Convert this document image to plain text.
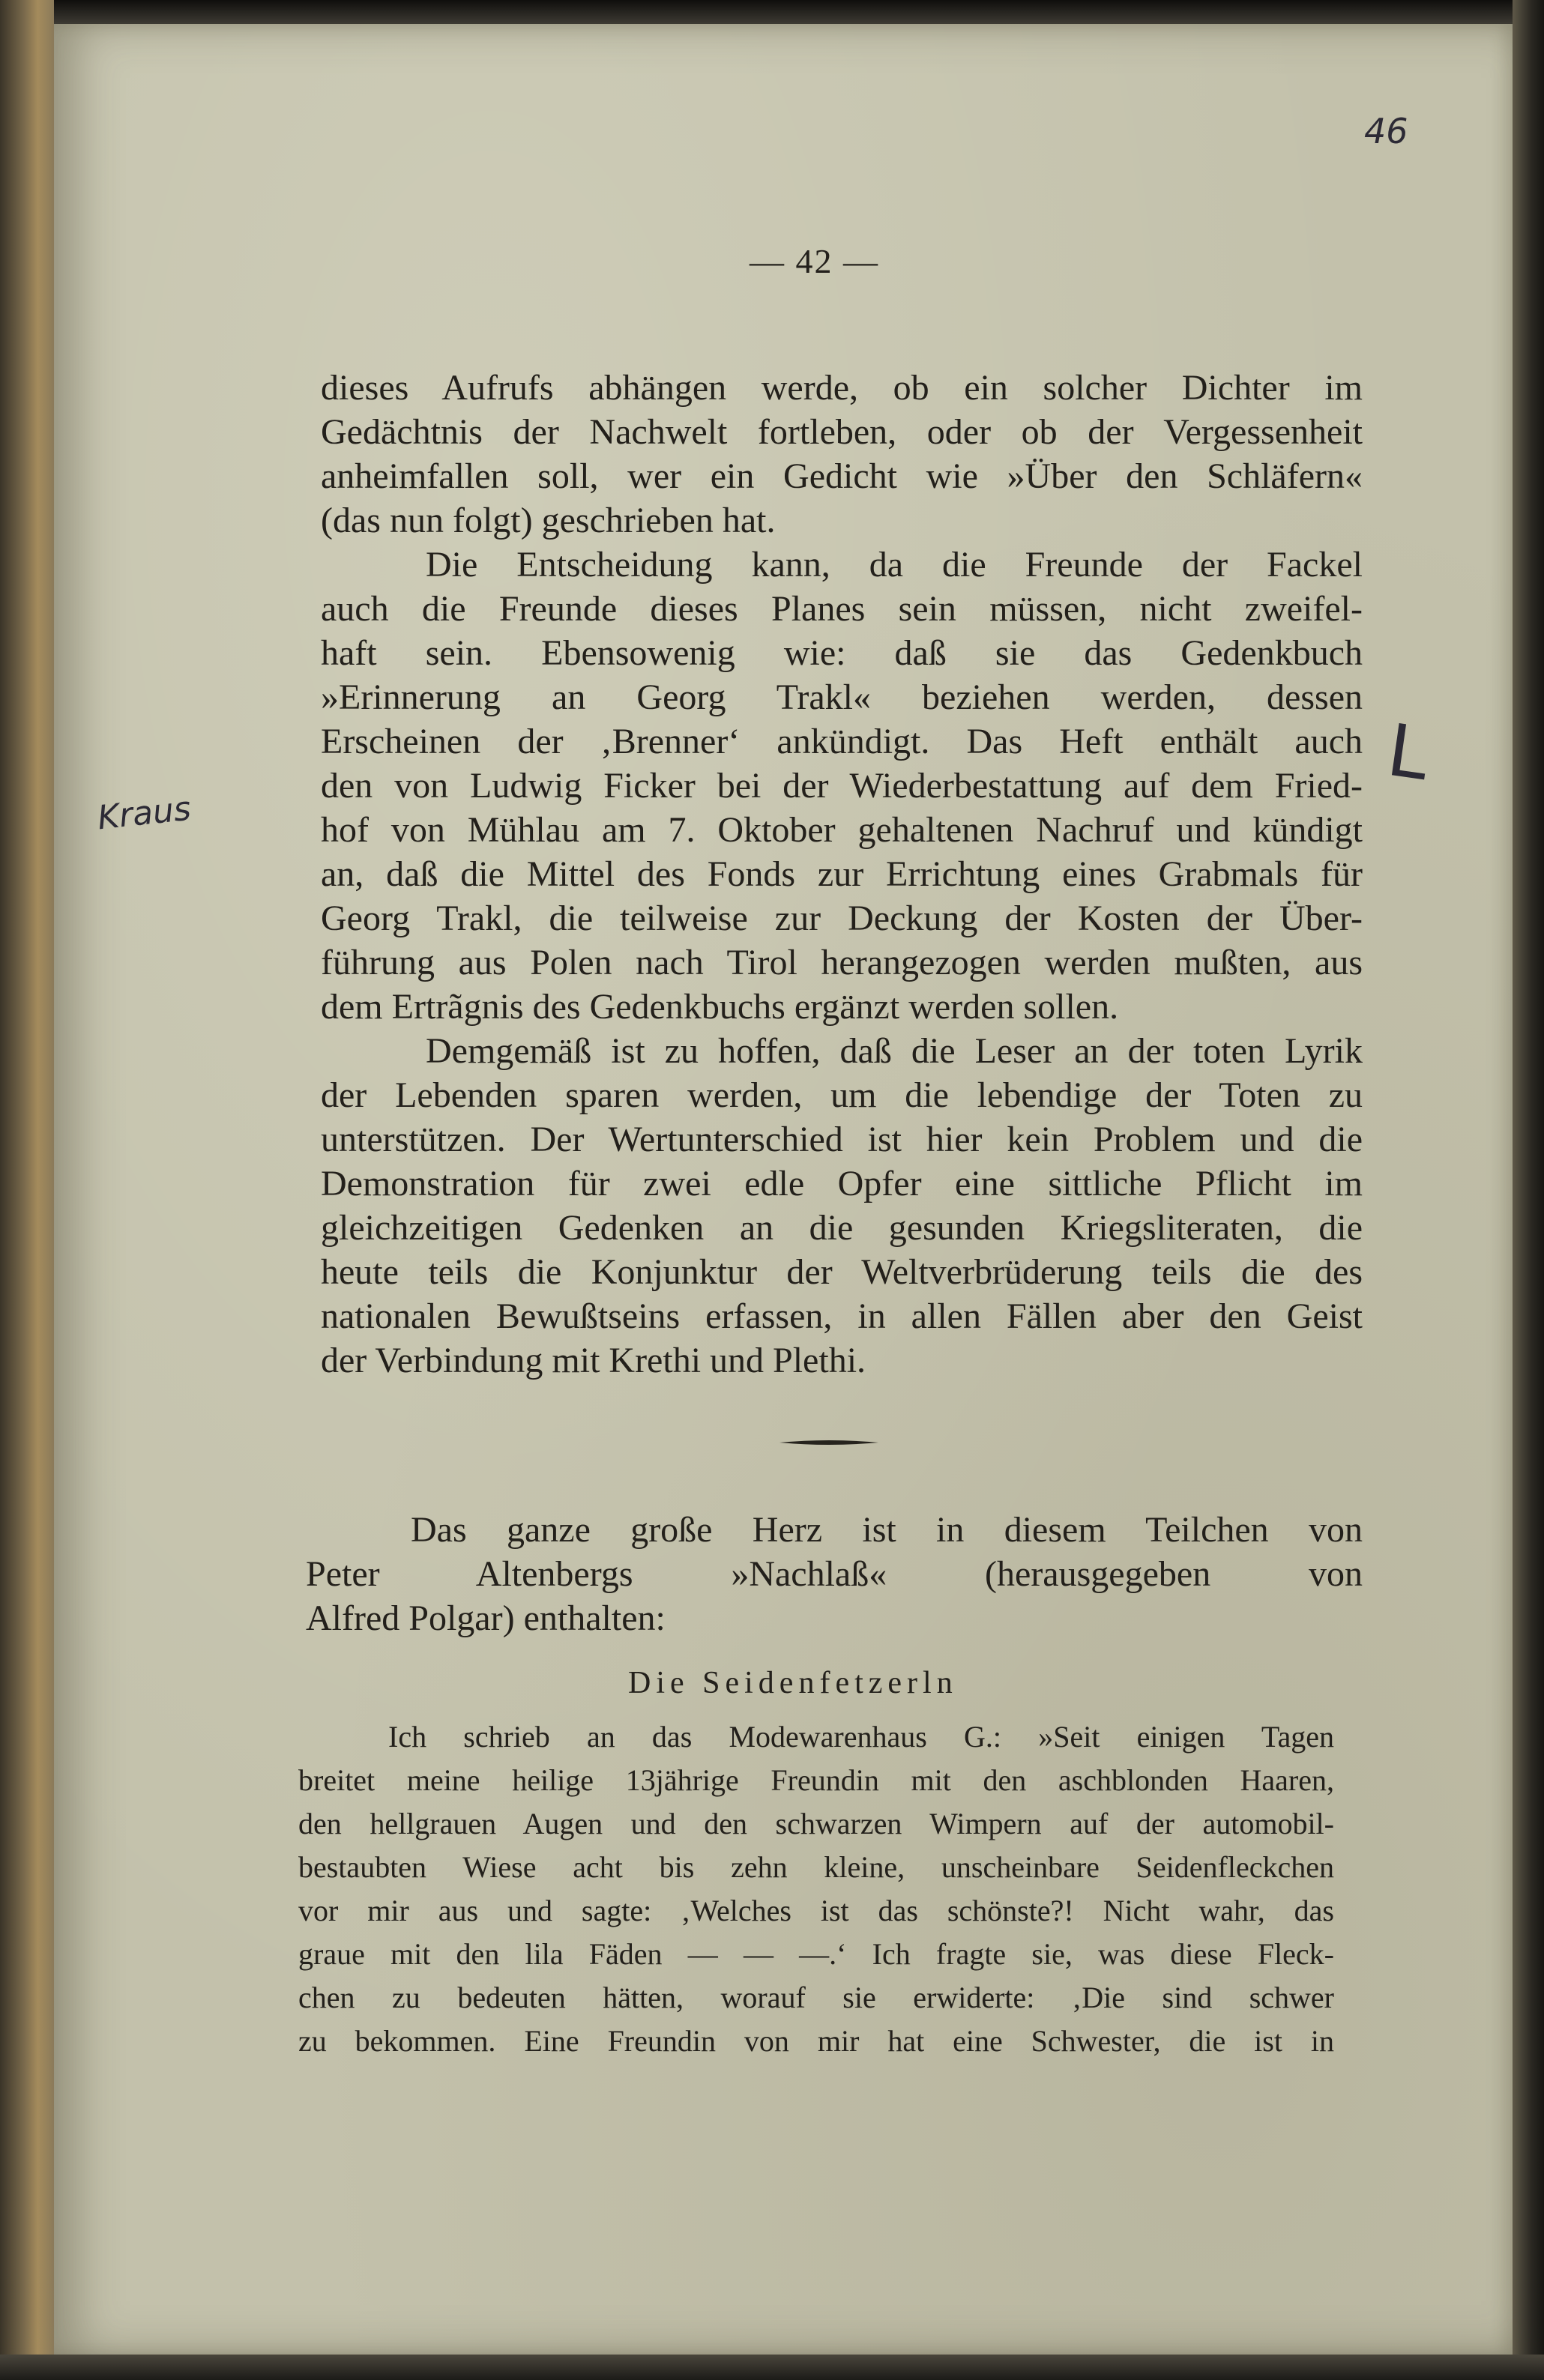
— 42 —
46
Kraus
L
dieses Aufrufs abhängen werde, ob ein solcher Dichter im
Gedächtnis der Nachwelt fortleben, oder ob der Vergessenheit
anheimfallen soll, wer ein Gedicht wie »Über den Schläfern«
(das nun folgt) geschrieben hat.
Die Entscheidung kann, da die Freunde der Fackel
auch die Freunde dieses Planes sein müssen, nicht zweifel-
haft sein. Ebensowenig wie: daß sie das Gedenkbuch
»Erinnerung an Georg Trakl« beziehen werden, dessen
Erscheinen der ‚Brenner‘ ankündigt. Das Heft enthält auch
den von Ludwig Ficker bei der Wiederbestattung auf dem Fried-
hof von Mühlau am 7. Oktober gehaltenen Nachruf und kündigt
an, daß die Mittel des Fonds zur Errichtung eines Grabmals für
Georg Trakl, die teilweise zur Deckung der Kosten der Über-
führung aus Polen nach Tirol herangezogen werden mußten, aus
dem Ertrãgnis des Gedenkbuchs ergänzt werden sollen.
Demgemäß ist zu hoffen, daß die Leser an der toten Lyrik
der Lebenden sparen werden, um die lebendige der Toten zu
unterstützen. Der Wertunterschied ist hier kein Problem und die
Demonstration für zwei edle Opfer eine sittliche Pflicht im
gleichzeitigen Gedenken an die gesunden Kriegsliteraten, die
heute teils die Konjunktur der Weltverbrüderung teils die des
nationalen Bewußtseins erfassen, in allen Fällen aber den Geist
der Verbindung mit Krethi und Plethi.
Das ganze große Herz ist in diesem Teilchen von
Peter Altenbergs »Nachlaß« (herausgegeben von
Alfred Polgar) enthalten:
Die Seidenfetzerln
Ich schrieb an das Modewarenhaus G.: »Seit einigen Tagen
breitet meine heilige 13jährige Freundin mit den aschblonden Haaren,
den hellgrauen Augen und den schwarzen Wimpern auf der automobil-
bestaubten Wiese acht bis zehn kleine, unscheinbare Seidenfleckchen
vor mir aus und sagte: ‚Welches ist das schönste?! Nicht wahr, das
graue mit den lila Fäden — — —.‘ Ich fragte sie, was diese Fleck-
chen zu bedeuten hätten, worauf sie erwiderte: ‚Die sind schwer
zu bekommen. Eine Freundin von mir hat eine Schwester, die ist in
